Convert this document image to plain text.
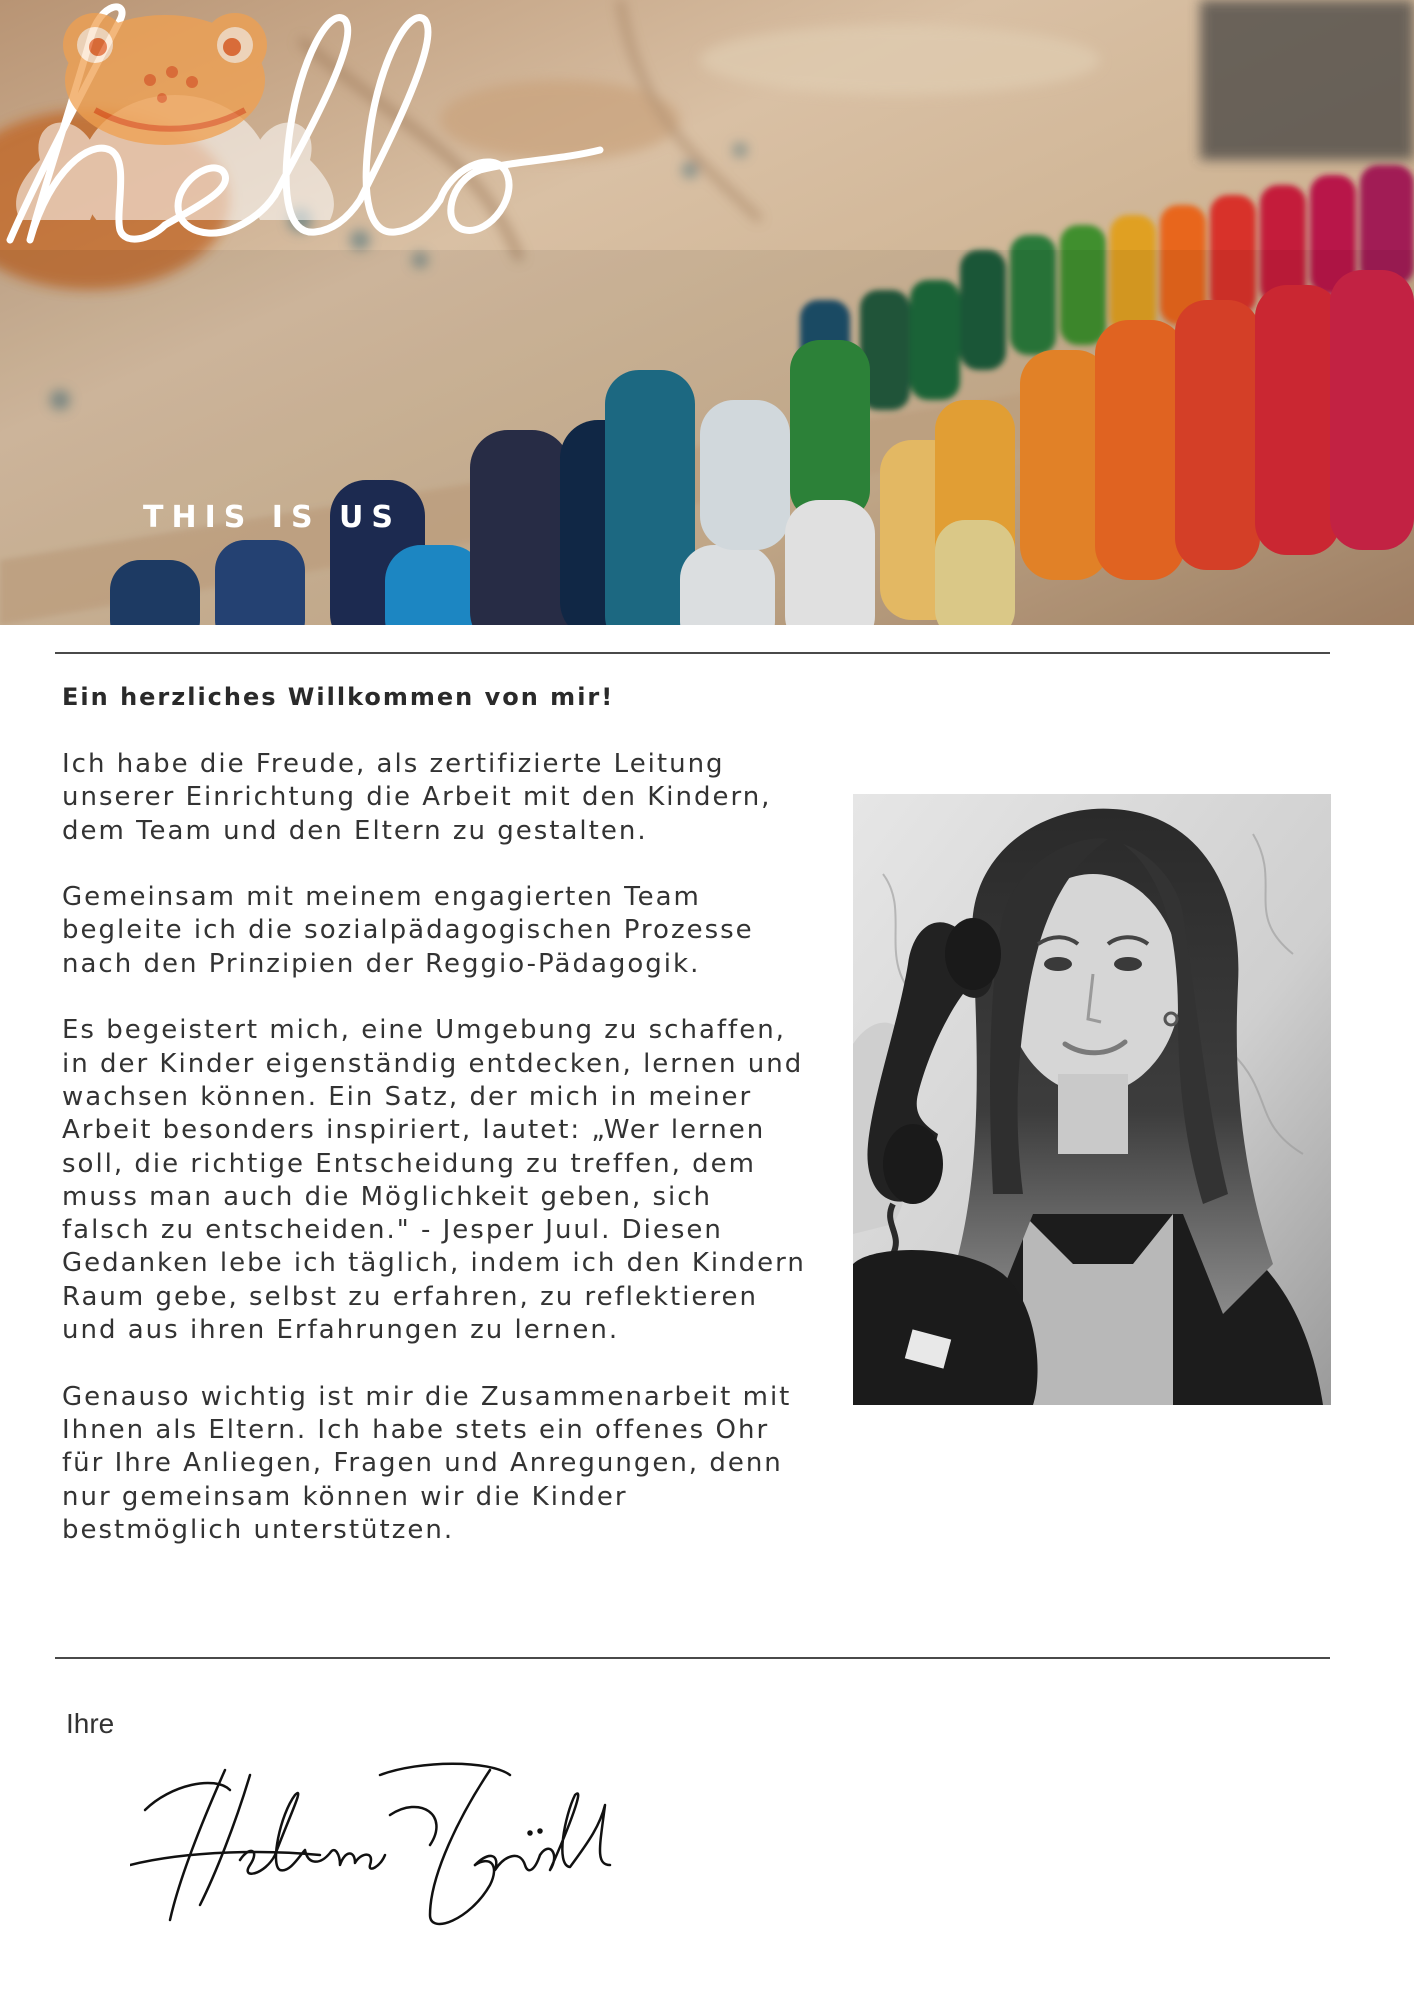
THIS IS US
Ein herzliches Willkommen von mir!

Ich habe die Freude, als zertifizierte Leitung unserer Einrichtung die Arbeit mit den Kindern, dem Team und den Eltern zu gestalten.

Gemeinsam mit meinem engagierten Team begleite ich die sozialpädagogischen Prozesse nach den Prinzipien der Reggio-Pädagogik.

Es begeistert mich, eine Umgebung zu schaffen, in der Kinder eigenständig entdecken, lernen und wachsen können. Ein Satz, der mich in meiner Arbeit besonders inspiriert, lautet: „Wer lernen soll, die richtige Entscheidung zu treffen, dem muss man auch die Möglichkeit geben, sich falsch zu entscheiden." - Jesper Juul. Diesen Gedanken lebe ich täglich, indem ich den Kindern Raum gebe, selbst zu erfahren, zu reflektieren und aus ihren Erfahrungen zu lernen.

Genauso wichtig ist mir die Zusammenarbeit mit Ihnen als Eltern. Ich habe stets ein offenes Ohr für Ihre Anliegen, Fragen und Anregungen, denn nur gemeinsam können wir die Kinder bestmöglich unterstützen.

Ihre
